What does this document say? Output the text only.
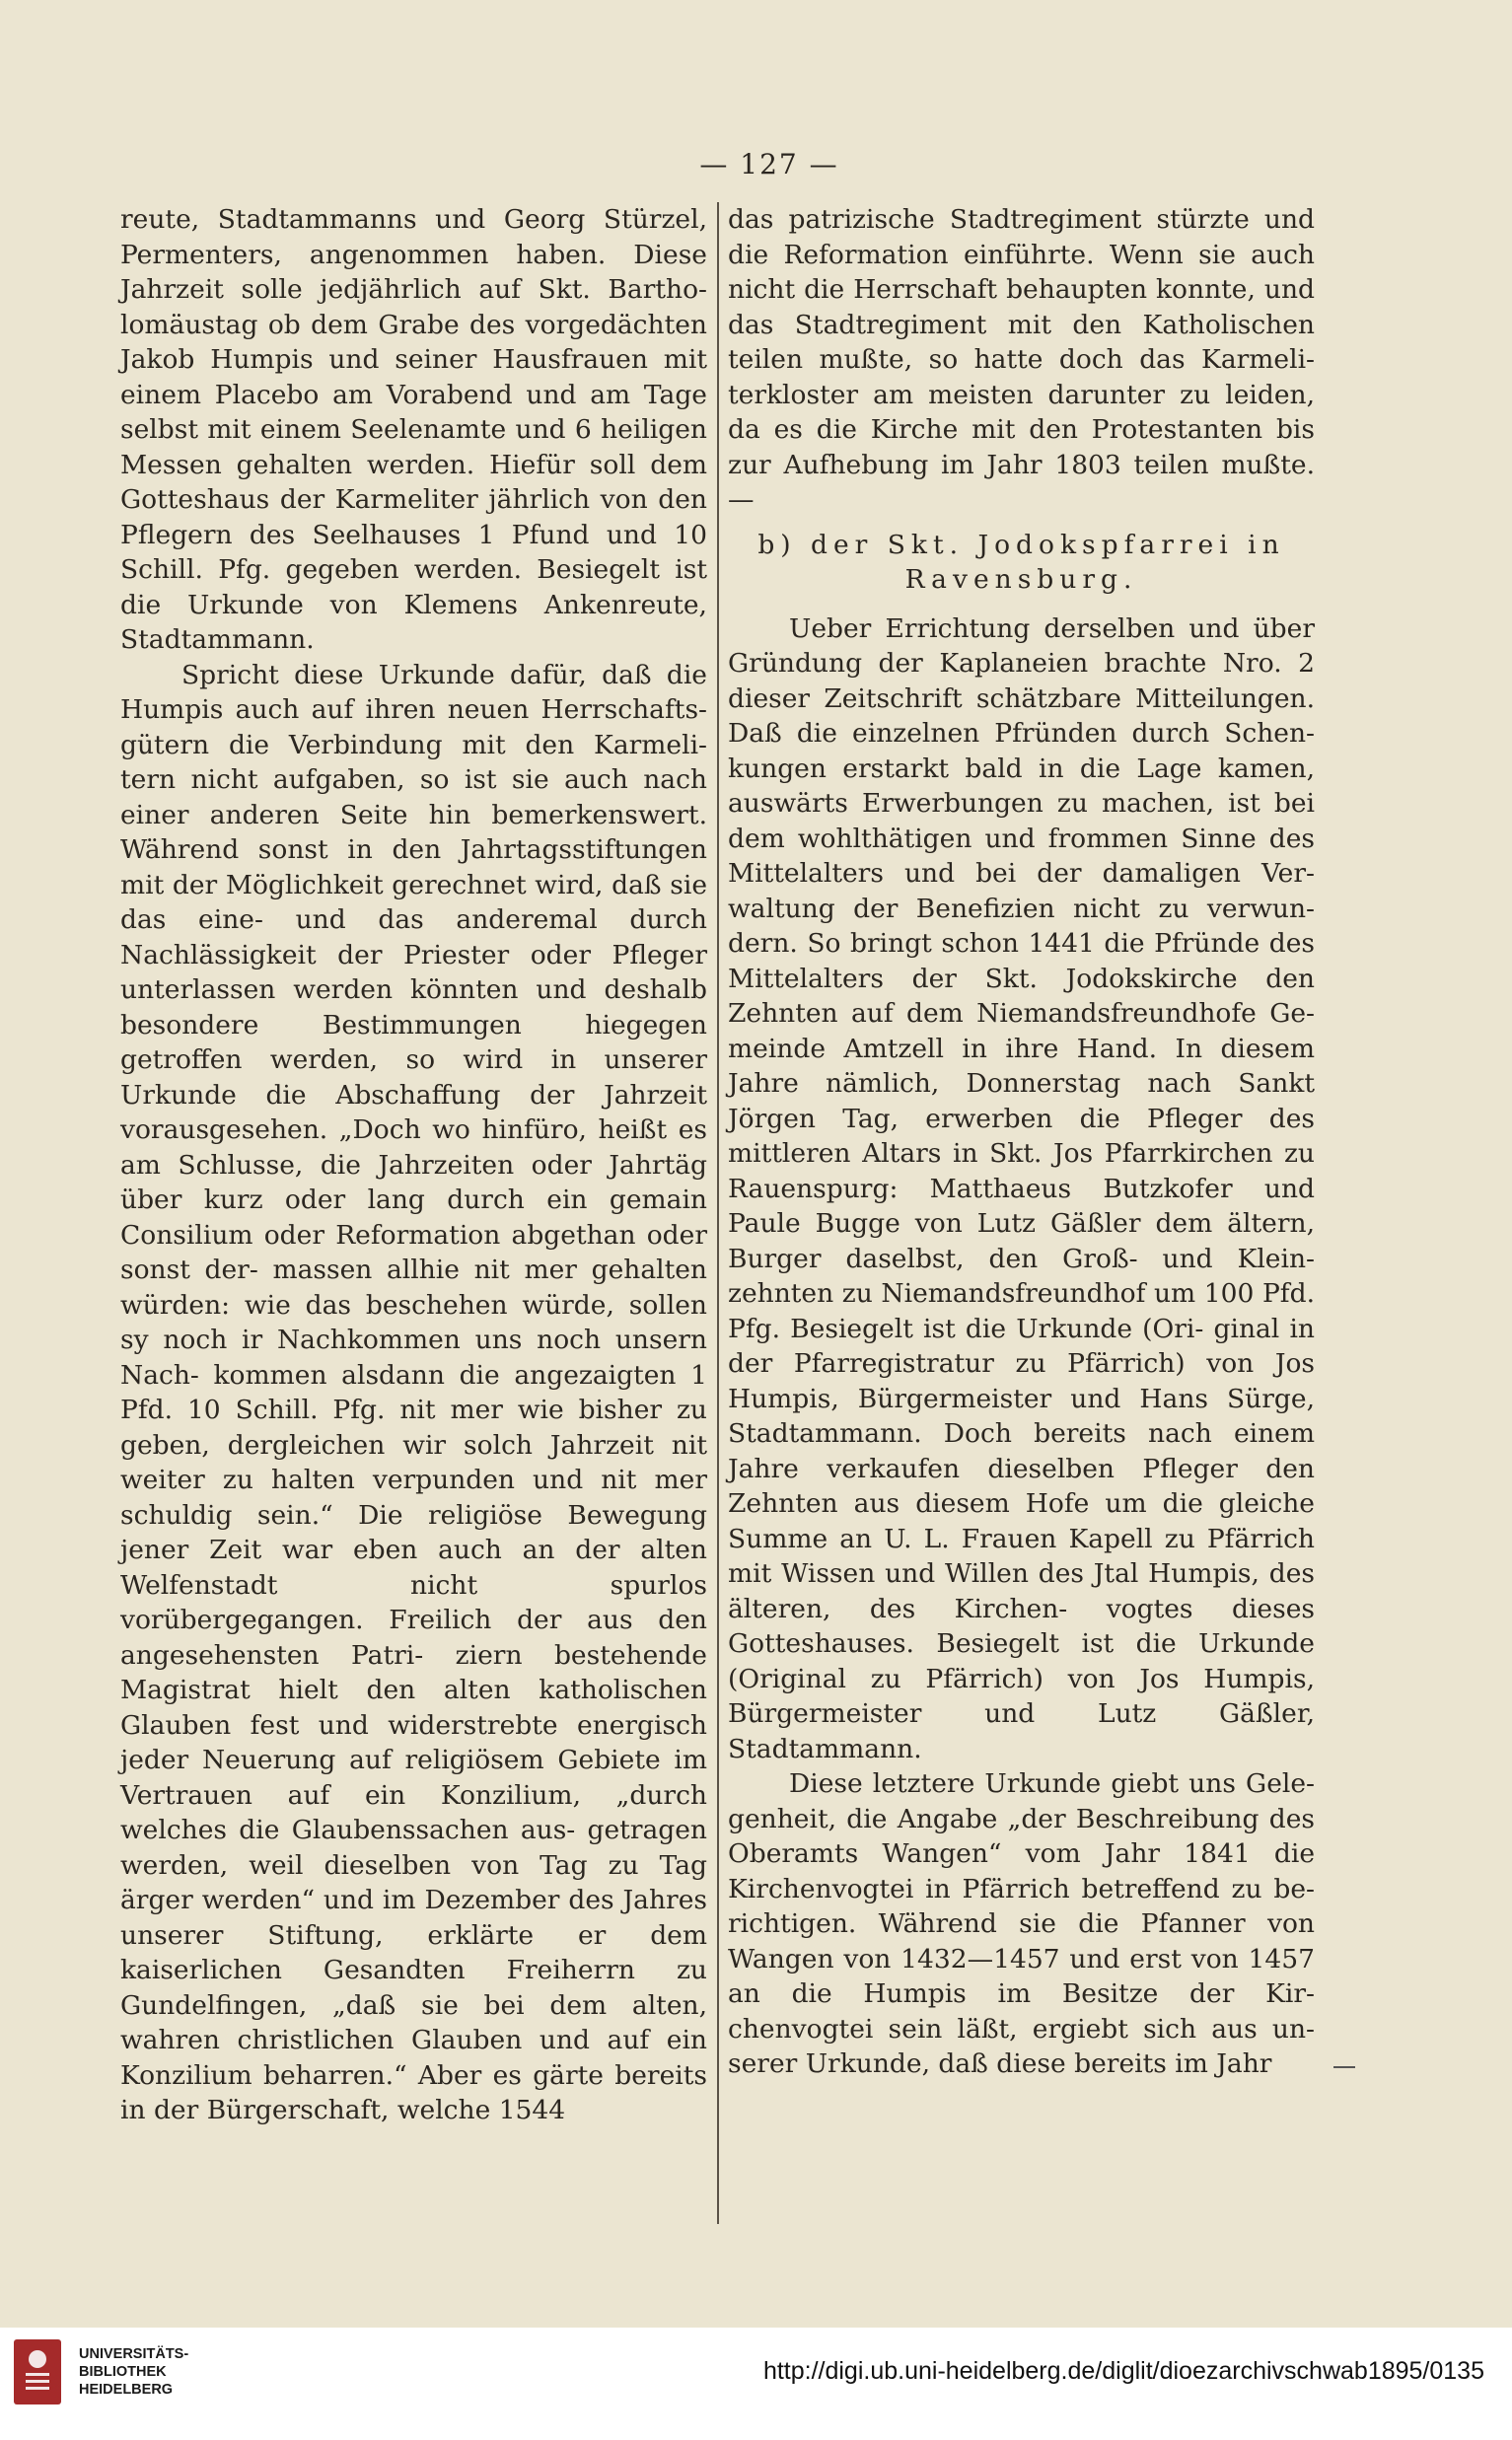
— 127 —

reute, Stadtammanns und Georg Stürzel, Permenters, angenommen haben. Diese Jahrzeit solle jedjährlich auf Skt. Bartho- lomäustag ob dem Grabe des vorgedächten Jakob Humpis und seiner Hausfrauen mit einem Placebo am Vorabend und am Tage selbst mit einem Seelenamte und 6 heiligen Messen gehalten werden. Hiefür soll dem Gotteshaus der Karmeliter jährlich von den Pflegern des Seelhauses 1 Pfund und 10 Schill. Pfg. gegeben werden. Besiegelt ist die Urkunde von Klemens Ankenreute, Stadtammann.

Spricht diese Urkunde dafür, daß die Humpis auch auf ihren neuen Herrschafts- gütern die Verbindung mit den Karmeli- tern nicht aufgaben, so ist sie auch nach einer anderen Seite hin bemerkenswert. Während sonst in den Jahrtagsstiftungen mit der Möglichkeit gerechnet wird, daß sie das eine- und das anderemal durch Nachlässigkeit der Priester oder Pfleger unterlassen werden könnten und deshalb besondere Bestimmungen hiegegen getroffen werden, so wird in unserer Urkunde die Abschaffung der Jahrzeit vorausgesehen. „Doch wo hinfüro, heißt es am Schlusse, die Jahrzeiten oder Jahrtäg über kurz oder lang durch ein gemain Consilium oder Reformation abgethan oder sonst der- massen allhie nit mer gehalten würden: wie das beschehen würde, sollen sy noch ir Nachkommen uns noch unsern Nach- kommen alsdann die angezaigten 1 Pfd. 10 Schill. Pfg. nit mer wie bisher zu geben, dergleichen wir solch Jahrzeit nit weiter zu halten verpunden und nit mer schuldig sein.“ Die religiöse Bewegung jener Zeit war eben auch an der alten Welfenstadt nicht spurlos vorübergegangen. Freilich der aus den angesehensten Patri- ziern bestehende Magistrat hielt den alten katholischen Glauben fest und widerstrebte energisch jeder Neuerung auf religiösem Gebiete im Vertrauen auf ein Konzilium, „durch welches die Glaubenssachen aus- getragen werden, weil dieselben von Tag zu Tag ärger werden“ und im Dezember des Jahres unserer Stiftung, erklärte er dem kaiserlichen Gesandten Freiherrn zu Gundelfingen, „daß sie bei dem alten, wahren christlichen Glauben und auf ein Konzilium beharren.“ Aber es gärte bereits in der Bürgerschaft, welche 1544

das patrizische Stadtregiment stürzte und die Reformation einführte. Wenn sie auch nicht die Herrschaft behaupten konnte, und das Stadtregiment mit den Katholischen teilen mußte, so hatte doch das Karmeli- terkloster am meisten darunter zu leiden, da es die Kirche mit den Protestanten bis zur Aufhebung im Jahr 1803 teilen mußte. —

b) der Skt. Jodokspfarrei in
Ravensburg.

Ueber Errichtung derselben und über Gründung der Kaplaneien brachte Nro. 2 dieser Zeitschrift schätzbare Mitteilungen. Daß die einzelnen Pfründen durch Schen- kungen erstarkt bald in die Lage kamen, auswärts Erwerbungen zu machen, ist bei dem wohlthätigen und frommen Sinne des Mittelalters und bei der damaligen Ver- waltung der Benefizien nicht zu verwun- dern. So bringt schon 1441 die Pfründe des Mittelalters der Skt. Jodokskirche den Zehnten auf dem Niemandsfreundhofe Ge- meinde Amtzell in ihre Hand. In diesem Jahre nämlich, Donnerstag nach Sankt Jörgen Tag, erwerben die Pfleger des mittleren Altars in Skt. Jos Pfarrkirchen zu Rauenspurg: Matthaeus Butzkofer und Paule Bugge von Lutz Gäßler dem ältern, Burger daselbst, den Groß- und Klein- zehnten zu Niemandsfreundhof um 100 Pfd. Pfg. Besiegelt ist die Urkunde (Ori- ginal in der Pfarregistratur zu Pfärrich) von Jos Humpis, Bürgermeister und Hans Sürge, Stadtammann. Doch bereits nach einem Jahre verkaufen dieselben Pfleger den Zehnten aus diesem Hofe um die gleiche Summe an U. L. Frauen Kapell zu Pfärrich mit Wissen und Willen des Jtal Humpis, des älteren, des Kirchen- vogtes dieses Gotteshauses. Besiegelt ist die Urkunde (Original zu Pfärrich) von Jos Humpis, Bürgermeister und Lutz Gäßler, Stadtammann.

Diese letztere Urkunde giebt uns Gele- genheit, die Angabe „der Beschreibung des Oberamts Wangen“ vom Jahr 1841 die Kirchenvogtei in Pfärrich betreffend zu be- richtigen. Während sie die Pfanner von Wangen von 1432—1457 und erst von 1457 an die Humpis im Besitze der Kir- chenvogtei sein läßt, ergiebt sich aus un- serer Urkunde, daß diese bereits im Jahr

UNIVERSITÄTS-
BIBLIOTHEK
HEIDELBERG
http://digi.ub.uni-heidelberg.de/diglit/dioezarchivschwab1895/0135
